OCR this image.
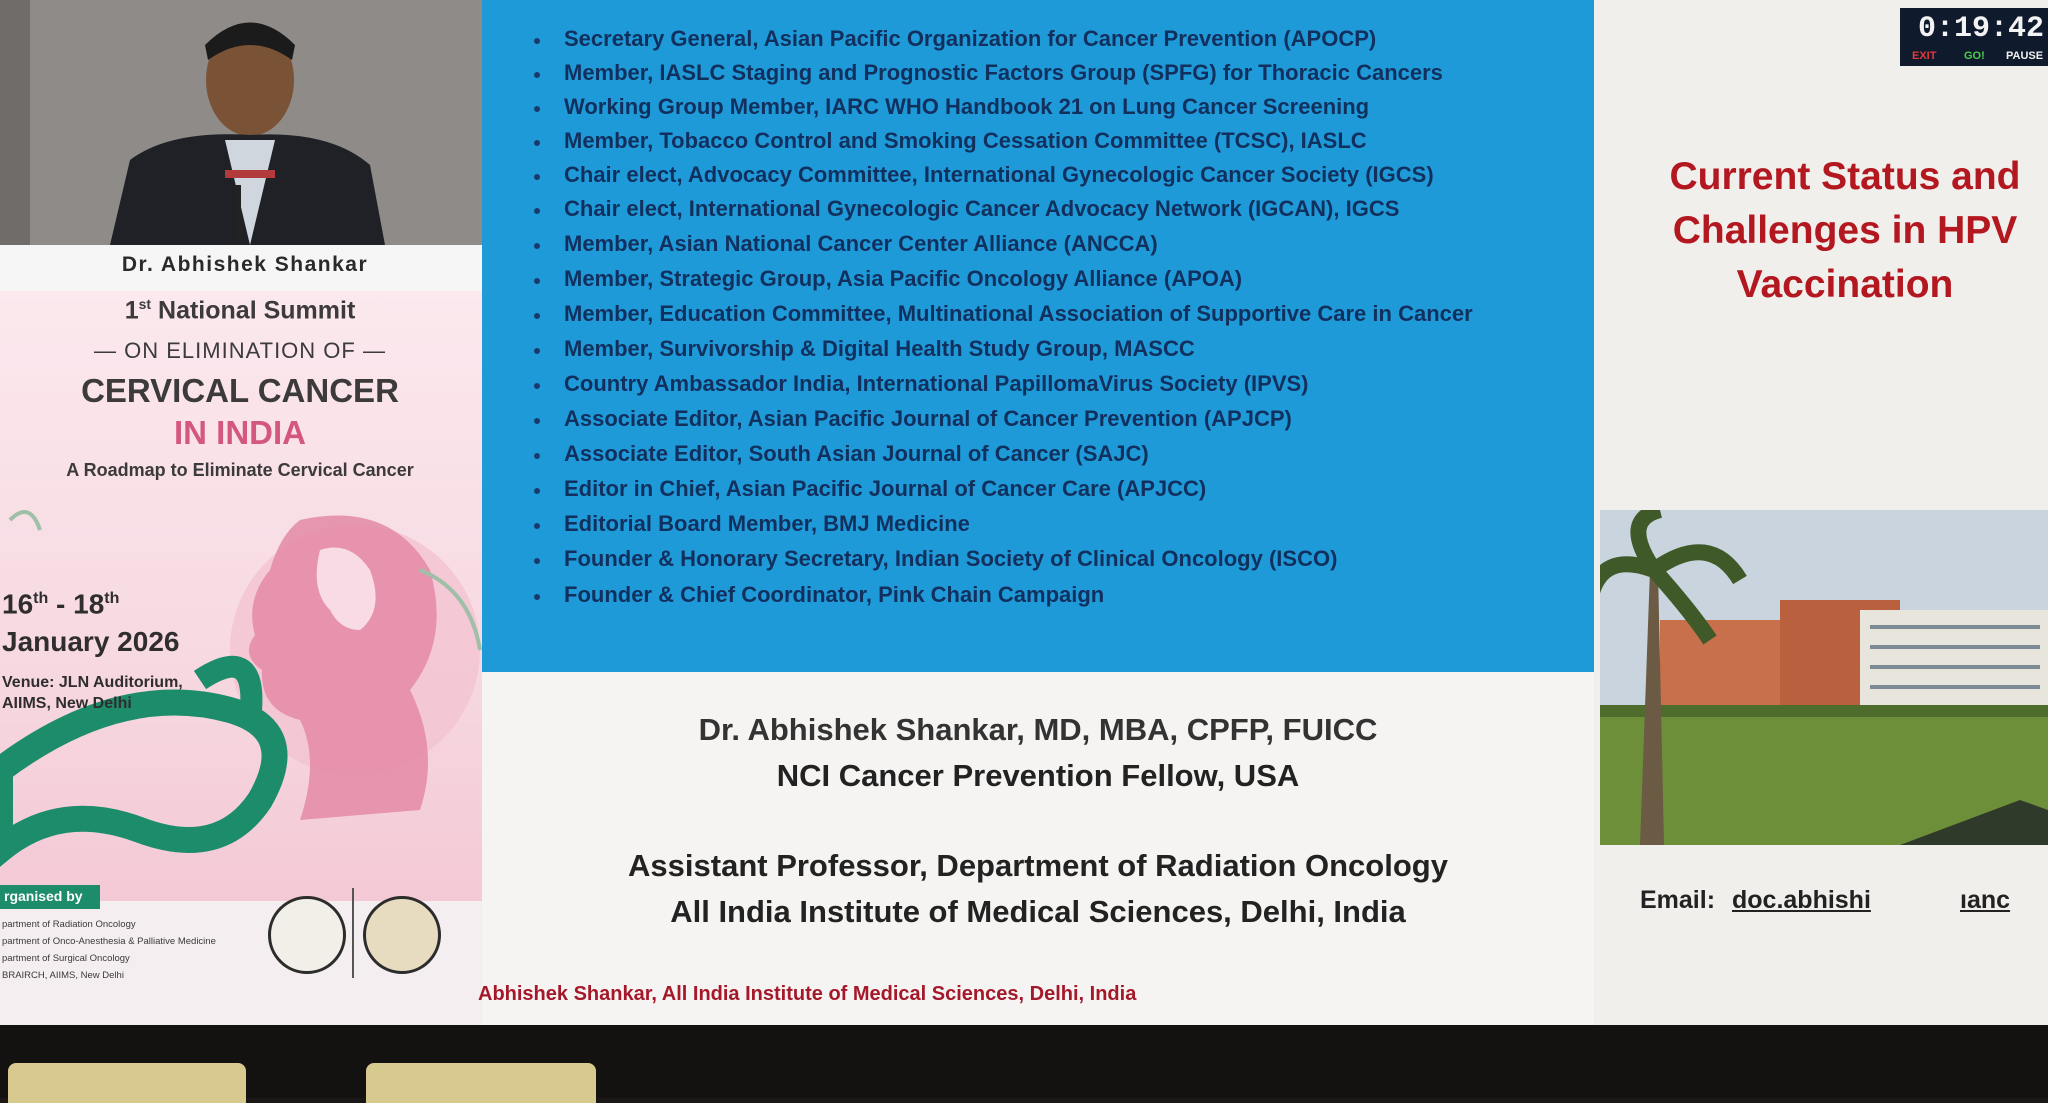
Dr. Abhishek Shankar
1st National Summit
— ON ELIMINATION OF —
CERVICAL CANCER
IN INDIA
A Roadmap to Eliminate Cervical Cancer
16th - 18th
January 2026
Venue: JLN Auditorium,
AIIMS, New Delhi
rganised by
partment of Radiation Oncology
partment of Onco-Anesthesia & Palliative Medicine
partment of Surgical Oncology
BRAIRCH, AIIMS, New Delhi
Secretary General, Asian Pacific Organization for Cancer Prevention (APOCP)
Member, IASLC Staging and Prognostic Factors Group (SPFG) for Thoracic Cancers
Working Group Member, IARC WHO Handbook 21 on Lung Cancer Screening
Member, Tobacco Control and Smoking Cessation Committee (TCSC), IASLC
Chair elect, Advocacy Committee, International Gynecologic Cancer Society (IGCS)
Chair elect, International Gynecologic Cancer Advocacy Network (IGCAN), IGCS
Member, Asian National Cancer Center Alliance (ANCCA)
Member, Strategic Group, Asia Pacific Oncology Alliance (APOA)
Member, Education Committee, Multinational Association of Supportive Care in Cancer
Member, Survivorship & Digital Health Study Group, MASCC
Country Ambassador India, International PapillomaVirus Society (IPVS)
Associate Editor, Asian Pacific Journal of Cancer Prevention (APJCP)
Associate Editor, South Asian Journal of Cancer (SAJC)
Editor in Chief, Asian Pacific Journal of Cancer Care (APJCC)
Editorial Board Member, BMJ Medicine
Founder & Honorary Secretary, Indian Society of Clinical Oncology (ISCO)
Founder & Chief Coordinator, Pink Chain Campaign
Dr. Abhishek Shankar, MD, MBA, CPFP, FUICC
NCI Cancer Prevention Fellow, USA
Assistant Professor, Department of Radiation Oncology
All India Institute of Medical Sciences, Delhi, India
Abhishek Shankar, All India Institute of Medical Sciences, Delhi, India
Current Status and
Challenges in HPV
Vaccination
Email: doc.abhishi	ıanc
0:19:42
EXIT	GO! PAUSE
